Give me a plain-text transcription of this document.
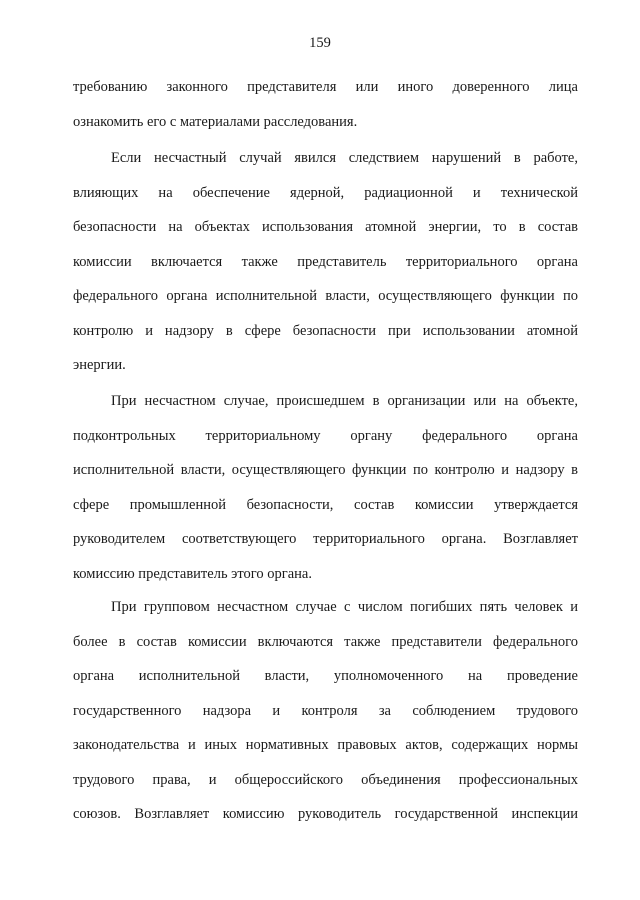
159
требованию законного представителя или иного доверенного лица
ознакомить его с материалами расследования.
Если несчастный случай явился следствием нарушений в работе,
влияющих на обеспечение ядерной, радиационной и технической
безопасности на объектах использования атомной энергии, то в состав
комиссии включается также представитель территориального органа
федерального органа исполнительной власти, осуществляющего функции по
контролю и надзору в сфере безопасности при использовании атомной
энергии.
При несчастном случае, происшедшем в организации или на объекте,
подконтрольных территориальному органу федерального органа
исполнительной власти, осуществляющего функции по контролю и надзору в
сфере промышленной безопасности, состав комиссии утверждается
руководителем соответствующего территориального органа. Возглавляет
комиссию представитель этого органа.
При групповом несчастном случае с числом погибших пять человек и
более в состав комиссии включаются также представители федерального
органа исполнительной власти, уполномоченного на проведение
государственного надзора и контроля за соблюдением трудового
законодательства и иных нормативных правовых актов, содержащих нормы
трудового права, и общероссийского объединения профессиональных
союзов. Возглавляет комиссию руководитель государственной инспекции
